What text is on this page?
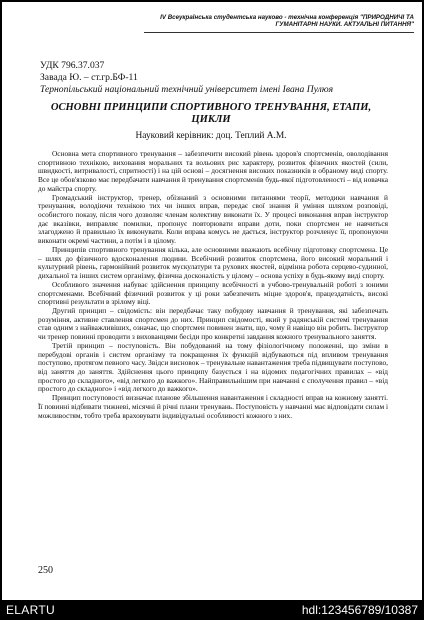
IV Всеукраїнська студентська науково - технічна конференція "ПРИРОДНИЧІ ТА ГУМАНІТАРНІ НАУКИ. АКТУАЛЬНІ ПИТАННЯ"
УДК 796.37.037
Завада Ю. – ст.гр.БФ-11
Тернопільський національний технічний університет імені Івана Пулюя
ОСНОВНІ ПРИНЦИПИ СПОРТИВНОГО ТРЕНУВАННЯ, ЕТАПИ, ЦИКЛИ
Науковий керівник: доц. Теплий А.М.

Основна мета спортивного тренування – забезпечити високий рівень здоров'я спортсменів, оволодівання спортивною технікою, виховання моральних та вольових рис характеру, розвиток фізичних якостей (сили, швидкості, витривалості, спритності) і на цій основі – досягнення високих показників в обраному виді спорту. Все це обов'язково має передбачати навчання й тренування спортсменів будь-якої підготовленості – від новачка до майстра спорту.

Громадський інструктор, тренер, обізнаний з основними питаннями теорії, методики навчання й тренування, володіючи технікою тих чи інших вправ, передає свої знання й уміння шляхом розповіді, особистого показу, після чого дозволяє членам колективу виконати їх. У процесі виконання вправ інструктор дає вказівки, виправляє помилки, пропонує повторювати вправи доти, поки спортсмен не навчиться злагоджено й правильно їх виконувати. Коли вправа комусь не дається, інструктор розчленує її, пропонуючи виконати окремі частини, а потім і в цілому.

Принципів спортивного тренування кілька, але основними вважають всебічну підготовку спортсмена. Це – шлях до фізичного вдосконалення людини. Всебічний розвиток спортсмена, його високий моральний і культурний рівень, гармонійний розвиток мускулатури та рухових якостей, відмінна робота серцево-судинної, дихальної та інших систем організму, фізична досконалість у цілому – основа успіху в будь-якому виді спорту.

Особливого значення набуває здійснення принципу всебічності в учбово-тренувальній роботі з юними спортсменами. Всебічний фізичний розвиток у ці роки забезпечить міцне здоров'я, працездатність, високі спортивні результати в зрілому віці.

Другий принцип – свідомість: він передбачає таку побудову навчання й тренування, які забезпечать розуміння, активне ставлення спортсмен до них. Принцип свідомості, який у радянській системі тренування став одним з найважливіших, означає, що спортсмен повинен знати, що, чому й навіщо він робить. Інструктор чи тренер повинні проводити з вихованцями бесіди про конкретні завдання кожного тренувального заняття.

Третій принцип – поступовість. Він побудований на тому фізіологічному положенні, що зміни в перебудові органів і систем організму та покращення їх функцій відбуваються під впливом тренування поступово, протягом певного часу. Звідси висновок – тренувальне навантаження треба підвищувати поступово, від заняття до заняття. Здійснення цього принципу базується і на відомих педагогічних правилах – «від простого до складного», «від легкого до важкого». Найправильнішим при навчанні є сполучення правил – «від простого до складного» і «від легкого до важкого».

Принцип поступовості визначає планове збільшення навантаження і складності вправ на кожному занятті. Її повинні відбивати тижневі, місячні й річні плани тренувань. Поступовість у навчанні має відповідати силам і можливостям, тобто треба враховувати індивідуальні особливості кожного з них.

250
ELARTU	hdl:123456789/10387
